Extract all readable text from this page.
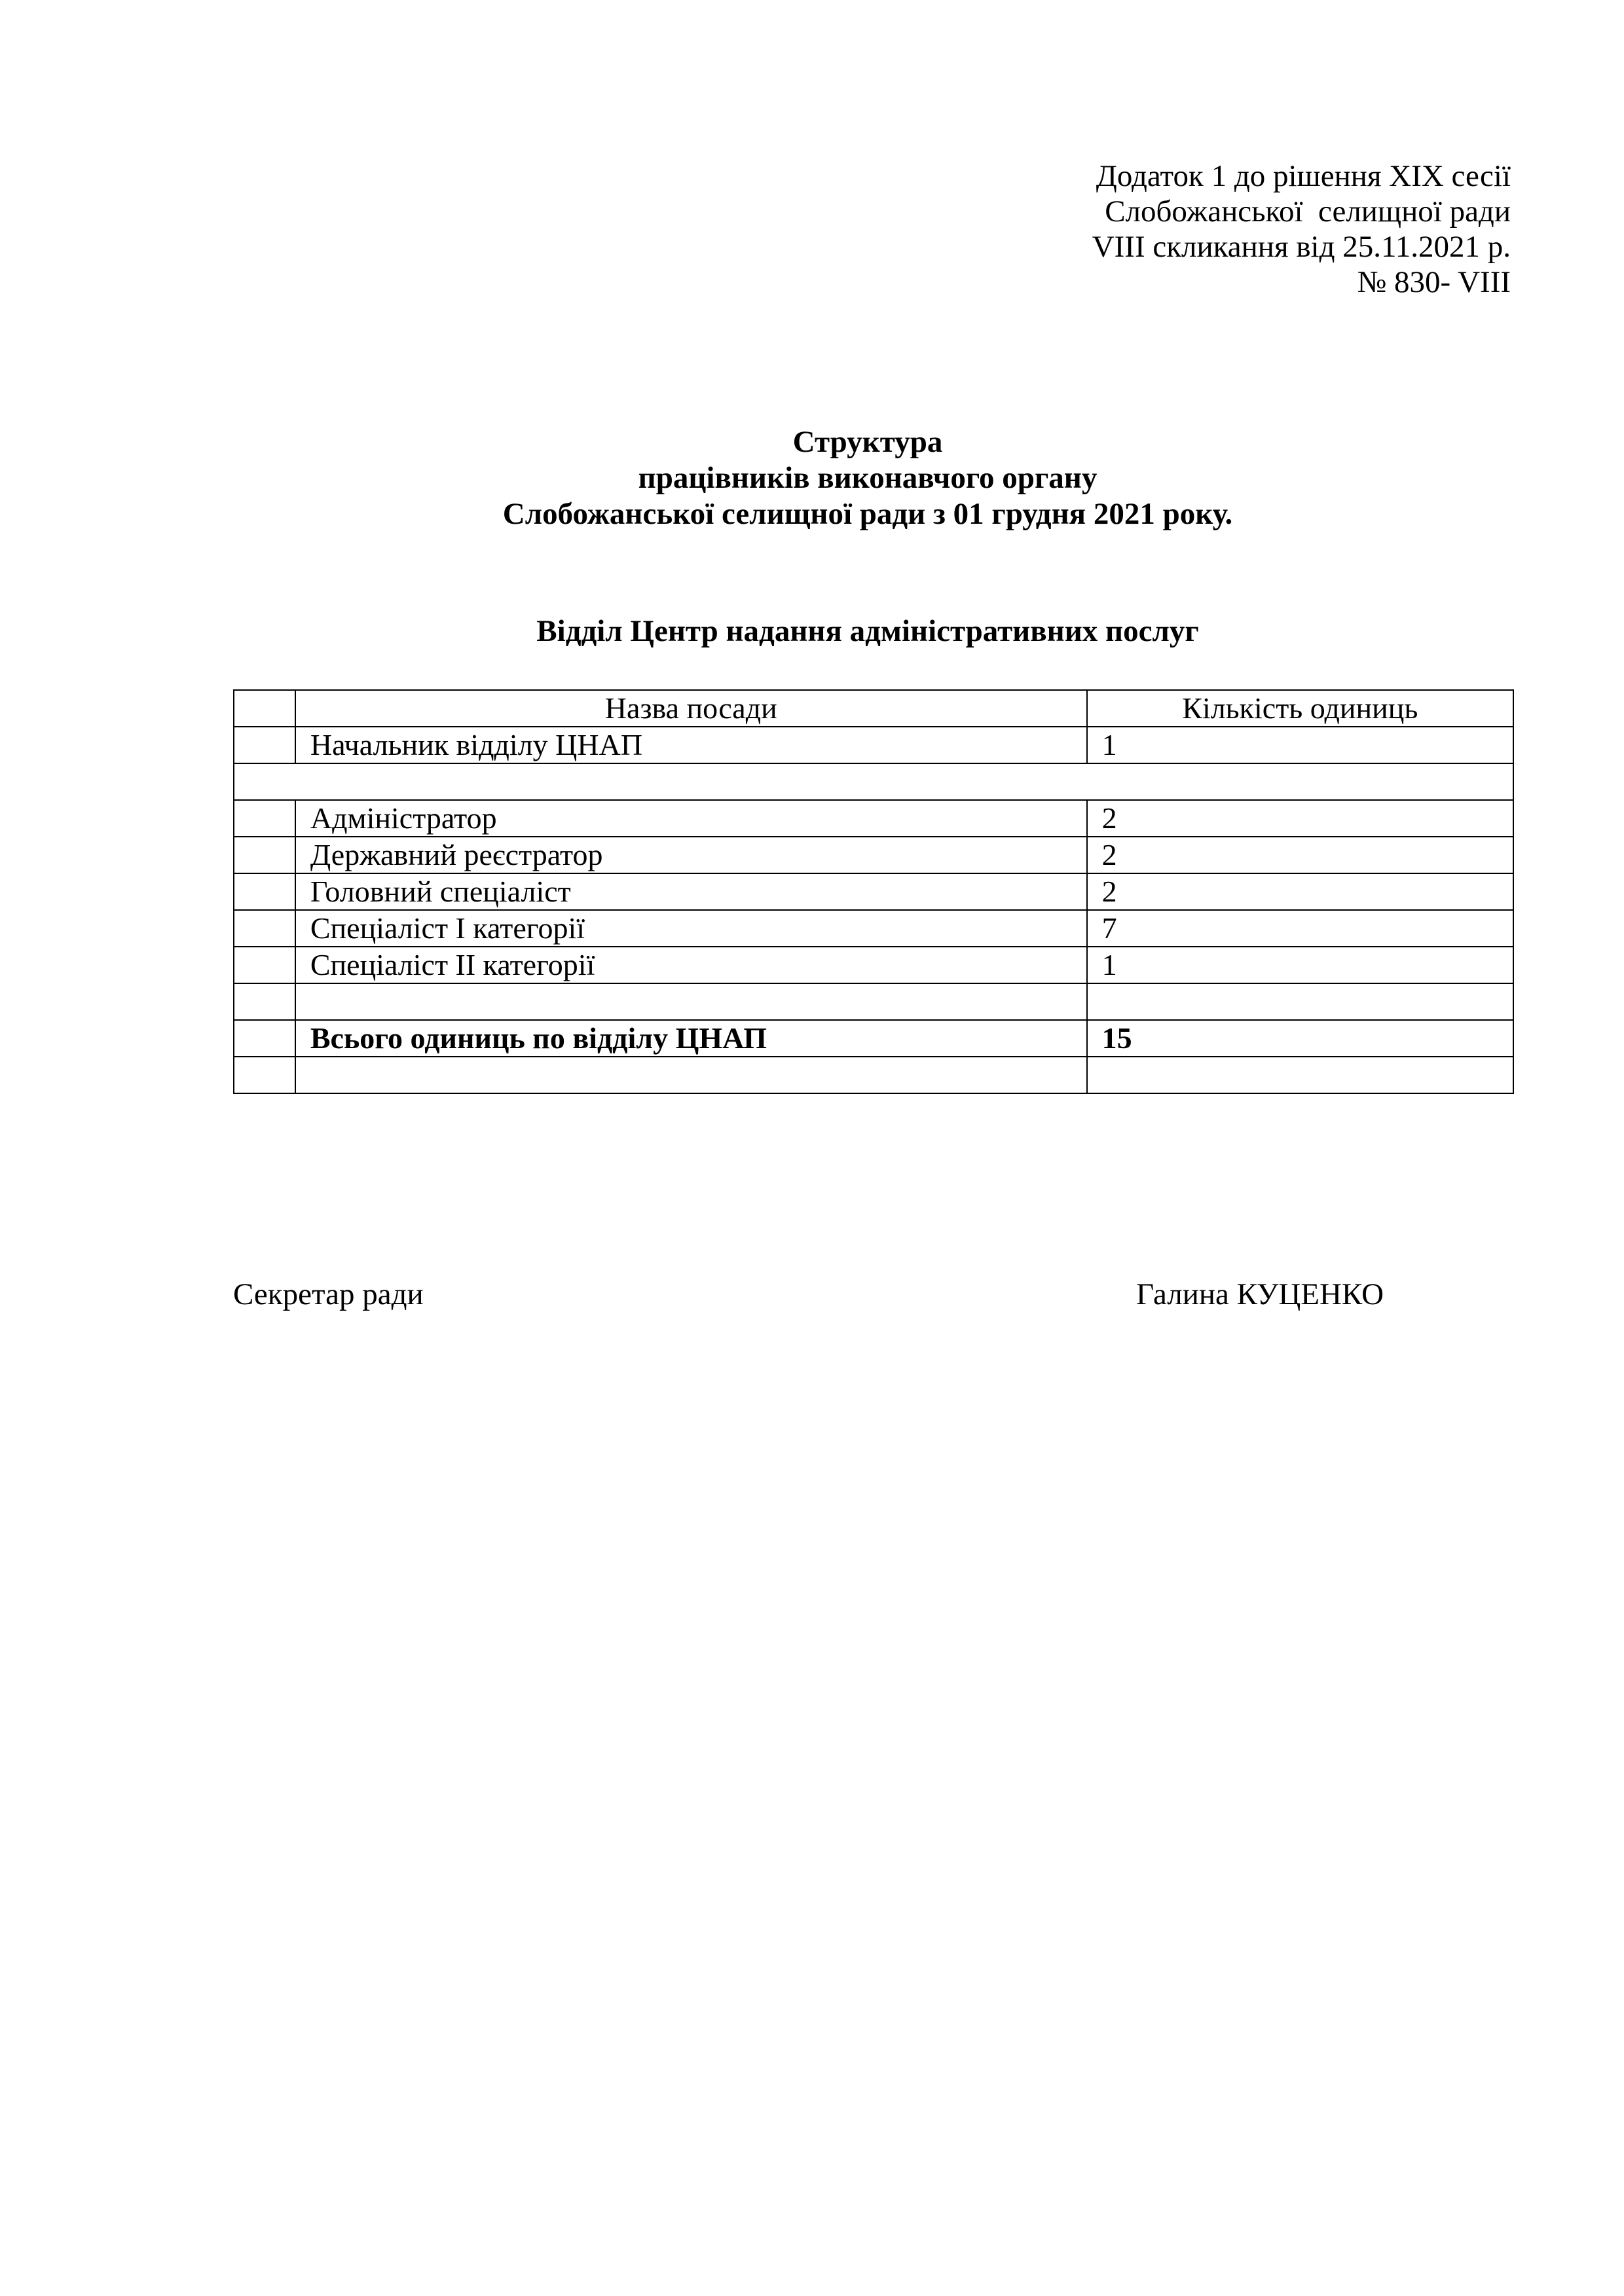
Додаток 1 до рішення XIX сесії
Слобожанської  селищної ради
VIII скликання від 25.11.2021 р.
№ 830- VIII
Структура
працівників виконавчого органу
Слобожанської селищної ради з 01 грудня 2021 року.
Відділ Центр надання адміністративних послуг
	Назва посади	Кількість одиниць
	Начальник відділу ЦНАП	1

	Адміністратор	2
	Державний реєстратор	2
	Головний спеціаліст	2
	Спеціаліст І категорії	7
	Спеціаліст ІІ категорії	1

	Всього одиниць по відділу ЦНАП	15

Секретар ради	Галина КУЦЕНКО
